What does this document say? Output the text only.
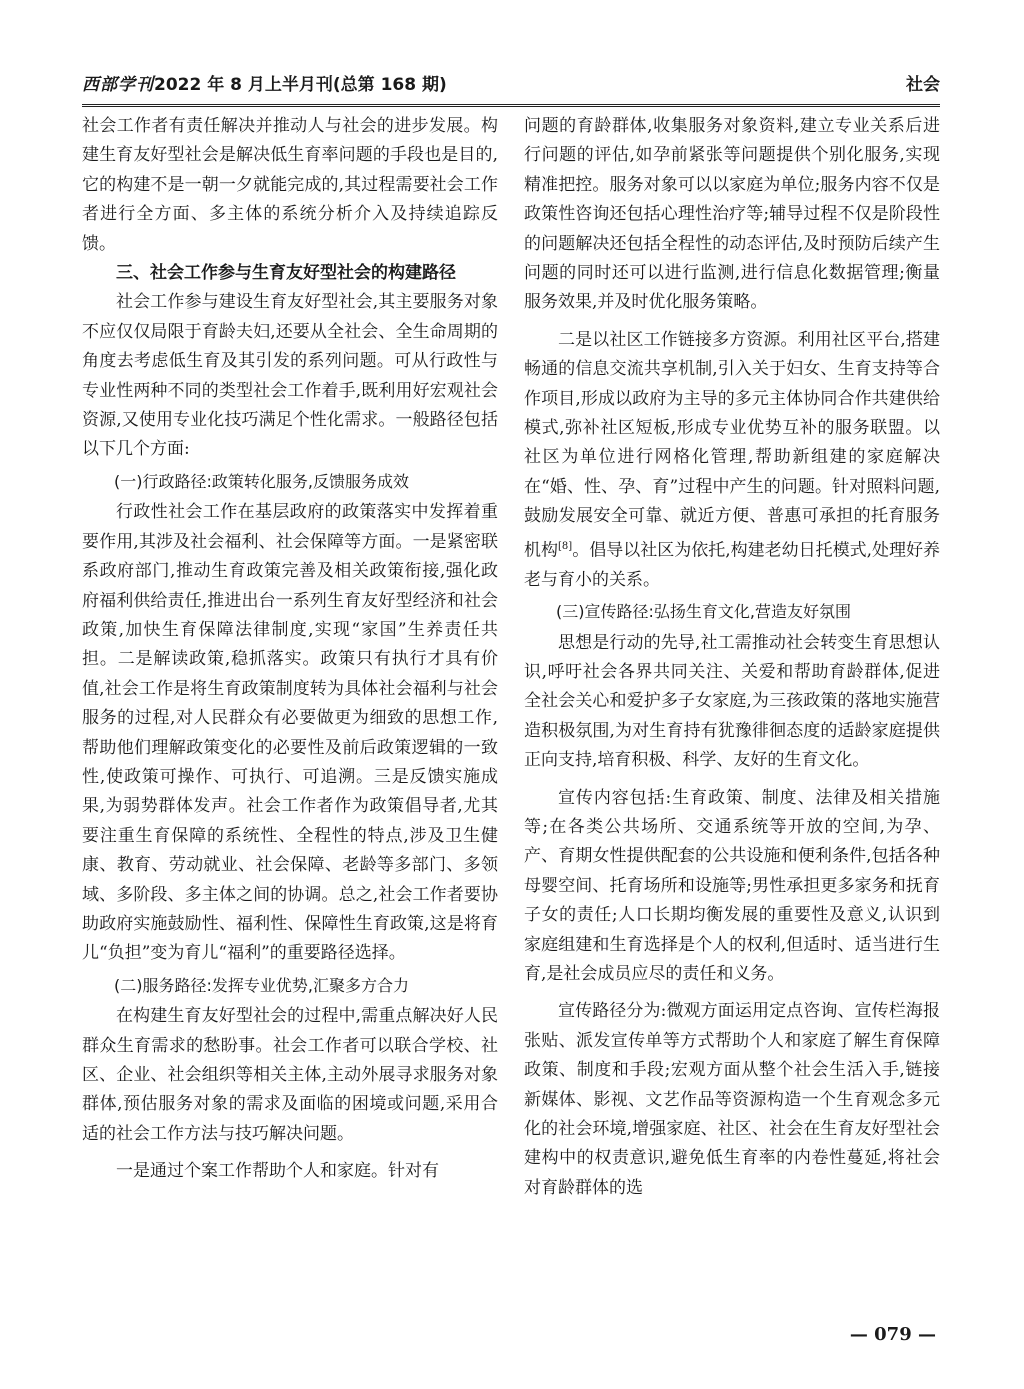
西部学刊2022 年 8 月上半月刊(总第 168 期)	社会

社会工作者有责任解决并推动人与社会的进步发展。构建生育友好型社会是解决低生育率问题的手段也是目的,它的构建不是一朝一夕就能完成的,其过程需要社会工作者进行全方面、多主体的系统分析介入及持续追踪反馈。

三、社会工作参与生育友好型社会的构建路径

社会工作参与建设生育友好型社会,其主要服务对象不应仅仅局限于育龄夫妇,还要从全社会、全生命周期的角度去考虑低生育及其引发的系列问题。可从行政性与专业性两种不同的类型社会工作着手,既利用好宏观社会资源,又使用专业化技巧满足个性化需求。一般路径包括以下几个方面:

(一)行政路径:政策转化服务,反馈服务成效

行政性社会工作在基层政府的政策落实中发挥着重要作用,其涉及社会福利、社会保障等方面。一是紧密联系政府部门,推动生育政策完善及相关政策衔接,强化政府福利供给责任,推进出台一系列生育友好型经济和社会政策,加快生育保障法律制度,实现“家国”生养责任共担。二是解读政策,稳抓落实。政策只有执行才具有价值,社会工作是将生育政策制度转为具体社会福利与社会服务的过程,对人民群众有必要做更为细致的思想工作,帮助他们理解政策变化的必要性及前后政策逻辑的一致性,使政策可操作、可执行、可追溯。三是反馈实施成果,为弱势群体发声。社会工作者作为政策倡导者,尤其要注重生育保障的系统性、全程性的特点,涉及卫生健康、教育、劳动就业、社会保障、老龄等多部门、多领域、多阶段、多主体之间的协调。总之,社会工作者要协助政府实施鼓励性、福利性、保障性生育政策,这是将育儿“负担”变为育儿“福利”的重要路径选择。

(二)服务路径:发挥专业优势,汇聚多方合力

在构建生育友好型社会的过程中,需重点解决好人民群众生育需求的愁盼事。社会工作者可以联合学校、社区、企业、社会组织等相关主体,主动外展寻求服务对象群体,预估服务对象的需求及面临的困境或问题,采用合适的社会工作方法与技巧解决问题。

一是通过个案工作帮助个人和家庭。针对有

问题的育龄群体,收集服务对象资料,建立专业关系后进行问题的评估,如孕前紧张等问题提供个别化服务,实现精准把控。服务对象可以以家庭为单位;服务内容不仅是政策性咨询还包括心理性治疗等;辅导过程不仅是阶段性的问题解决还包括全程性的动态评估,及时预防后续产生问题的同时还可以进行监测,进行信息化数据管理;衡量服务效果,并及时优化服务策略。

二是以社区工作链接多方资源。利用社区平台,搭建畅通的信息交流共享机制,引入关于妇女、生育支持等合作项目,形成以政府为主导的多元主体协同合作共建供给模式,弥补社区短板,形成专业优势互补的服务联盟。以社区为单位进行网格化管理,帮助新组建的家庭解决在“婚、性、孕、育”过程中产生的问题。针对照料问题,鼓励发展安全可靠、就近方便、普惠可承担的托育服务机构[8]。倡导以社区为依托,构建老幼日托模式,处理好养老与育小的关系。

(三)宣传路径:弘扬生育文化,营造友好氛围

思想是行动的先导,社工需推动社会转变生育思想认识,呼吁社会各界共同关注、关爱和帮助育龄群体,促进全社会关心和爱护多子女家庭,为三孩政策的落地实施营造积极氛围,为对生育持有犹豫徘徊态度的适龄家庭提供正向支持,培育积极、科学、友好的生育文化。

宣传内容包括:生育政策、制度、法律及相关措施等;在各类公共场所、交通系统等开放的空间,为孕、产、育期女性提供配套的公共设施和便利条件,包括各种母婴空间、托育场所和设施等;男性承担更多家务和抚育子女的责任;人口长期均衡发展的重要性及意义,认识到家庭组建和生育选择是个人的权利,但适时、适当进行生育,是社会成员应尽的责任和义务。

宣传路径分为:微观方面运用定点咨询、宣传栏海报张贴、派发宣传单等方式帮助个人和家庭了解生育保障政策、制度和手段;宏观方面从整个社会生活入手,链接新媒体、影视、文艺作品等资源构造一个生育观念多元化的社会环境,增强家庭、社区、社会在生育友好型社会建构中的权责意识,避免低生育率的内卷性蔓延,将社会对育龄群体的选

— 079 —
